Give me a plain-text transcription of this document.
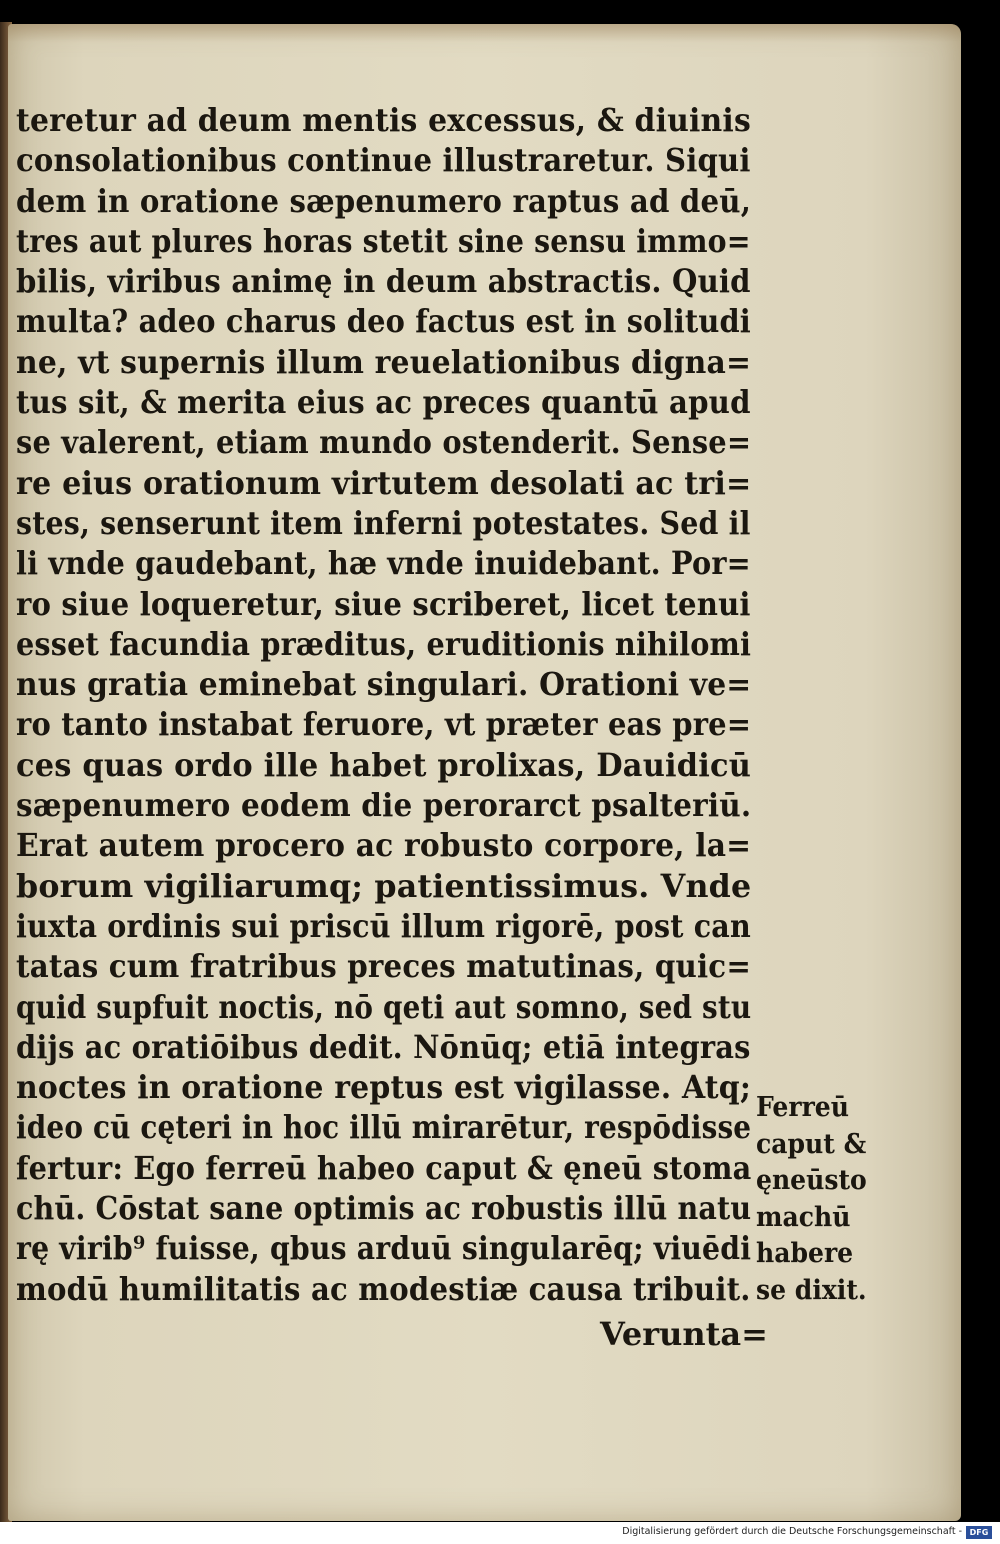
teretur ad deum mentis excessus, & diuinis
consolationibus continue illustraretur. Siqui
dem in oratione sæpenumero raptus ad deū,
tres aut plures horas stetit sine sensu immo=
bilis, viribus animę in deum abstractis. Quid
multa? adeo charus deo factus est in solitudi
ne, vt supernis illum reuelationibus digna=
tus sit, & merita eius ac preces quantū apud
se valerent, etiam mundo ostenderit. Sense=
re eius orationum virtutem desolati ac tri=
stes, senserunt item inferni potestates. Sed il
li vnde gaudebant, hæ vnde inuidebant. Por=
ro siue loqueretur, siue scriberet, licet tenui
esset facundia præditus, eruditionis nihilomi
nus gratia eminebat singulari. Orationi ve=
ro tanto instabat feruore, vt præter eas pre=
ces quas ordo ille habet prolixas, Dauidicū
sæpenumero eodem die perorarct psalteriū.
Erat autem procero ac robusto corpore, la=
borum vigiliarumq; patientissimus. Vnde
iuxta ordinis sui priscū illum rigorē, post can
tatas cum fratribus preces matutinas, quic=
quid supfuit noctis, nō qeti aut somno, sed stu
dijs ac oratiōibus dedit. Nōnūq; etiā integras
noctes in oratione reptus est vigilasse. Atq;
ideo cū cęteri in hoc illū mirarētur, respōdisse
fertur: Ego ferreū habeo caput & ęneū stoma
chū. Cōstat sane optimis ac robustis illū natu
rę virib⁹ fuisse, qbus arduū singularēq; viuēdi
modū humilitatis ac modestiæ causa tribuit.
Verunta=
Ferreū
caput &
ęneūsto
machū
habere
se dixit.
Digitalisierung gefördert durch die Deutsche Forschungsgemeinschaft - DFG
